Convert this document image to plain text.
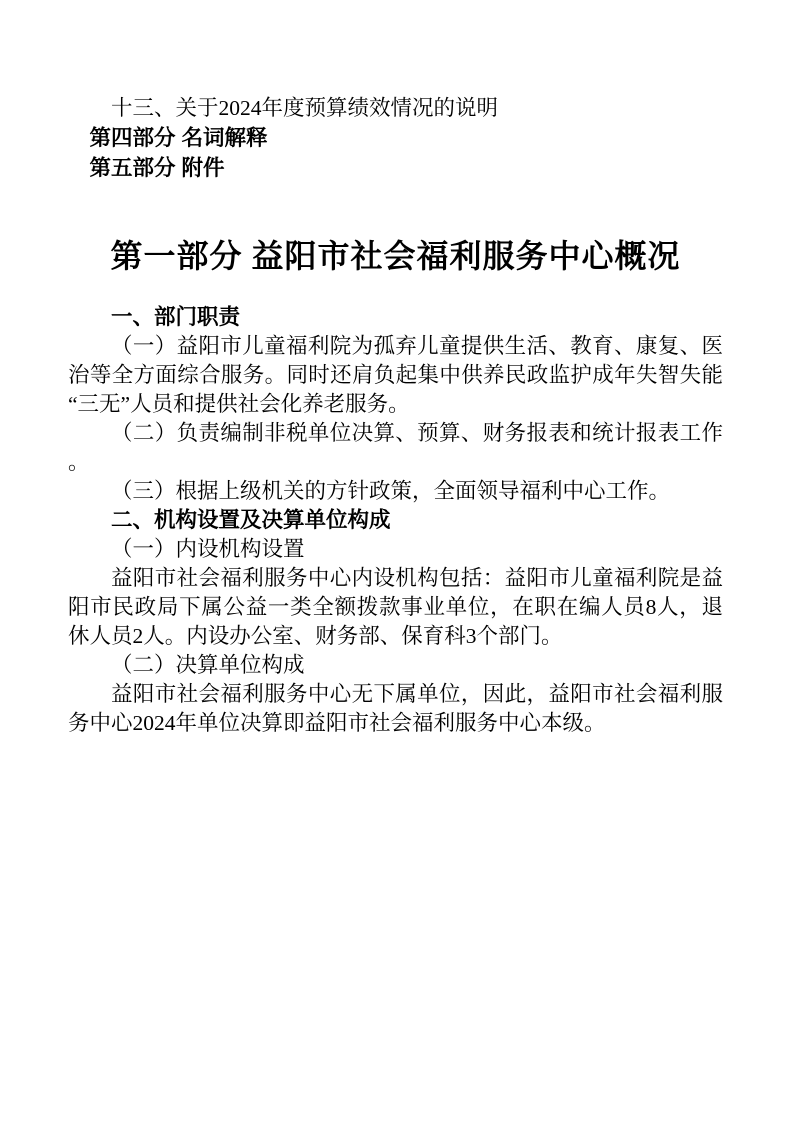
十三、关于2024年度预算绩效情况的说明
第四部分 名词解释
第五部分 附件
第一部分 益阳市社会福利服务中心概况
一、部门职责
（一）益阳市儿童福利院为孤弃儿童提供生活、教育、康复、医
治等全方面综合服务。同时还肩负起集中供养民政监护成年失智失能
“三无”人员和提供社会化养老服务。
（二）负责编制非税单位决算、预算、财务报表和统计报表工作
。
（三）根据上级机关的方针政策，全面领导福利中心工作。
二、机构设置及决算单位构成
（一）内设机构设置
益阳市社会福利服务中心内设机构包括：益阳市儿童福利院是益
阳市民政局下属公益一类全额拨款事业单位，在职在编人员8人，退
休人员2人。内设办公室、财务部、保育科3个部门。
（二）决算单位构成
益阳市社会福利服务中心无下属单位，因此，益阳市社会福利服
务中心2024年单位决算即益阳市社会福利服务中心本级。
